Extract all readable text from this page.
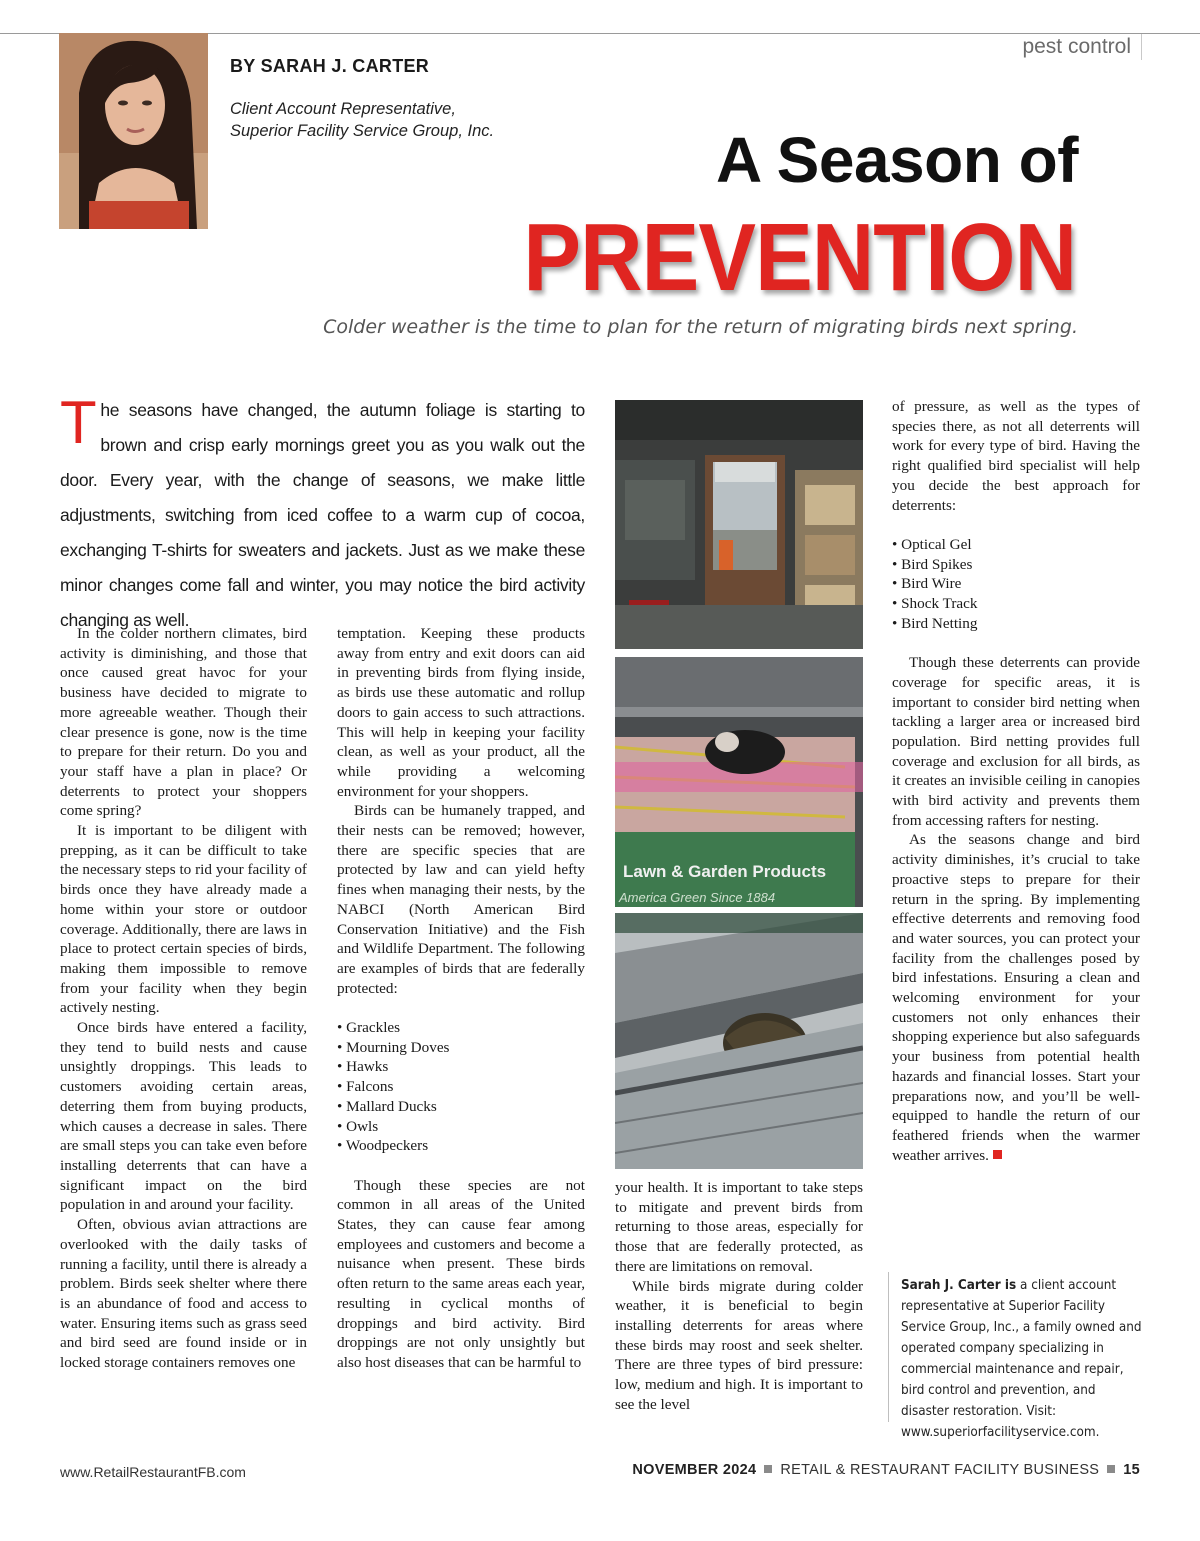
pest control
BY SARAH J. CARTER
Client Account Representative,
Superior Facility Service Group, Inc.	A Season of
PREVENTION
Colder weather is the time to plan for the return of migrating birds next spring.
The seasons have changed, the autumn foliage is starting to brown and crisp early mornings greet you as you walk out the door. Every year, with the change of seasons, we make little adjustments, switching from iced coffee to a warm cup of cocoa, exchanging T-shirts for sweaters and jackets. Just as we make these minor changes come fall and winter, you may notice the bird activity changing as well.

In the colder northern climates, bird activity is diminishing, and those that once caused great havoc for your business have decided to migrate to more agreeable weather. Though their clear presence is gone, now is the time to prepare for their return. Do you and your staff have a plan in place? Or deterrents to protect your shoppers come spring?

It is important to be diligent with prepping, as it can be difficult to take the necessary steps to rid your facility of birds once they have already made a home within your store or outdoor coverage. Additionally, there are laws in place to protect certain species of birds, making them impossible to remove from your facility when they begin actively nesting.

Once birds have entered a facility, they tend to build nests and cause unsightly droppings. This leads to customers avoiding certain areas, deterring them from buying products, which causes a decrease in sales. There are small steps you can take even before installing deterrents that can have a significant impact on the bird population in and around your facility.

Often, obvious avian attractions are overlooked with the daily tasks of running a facility, until there is already a problem. Birds seek shelter where there is an abundance of food and access to water. Ensuring items such as grass seed and bird seed are found inside or in locked storage containers removes one

temptation. Keeping these products away from entry and exit doors can aid in preventing birds from flying inside, as birds use these automatic and rollup doors to gain access to such attractions. This will help in keeping your facility clean, as well as your product, all the while providing a welcoming environment for your shoppers.

Birds can be humanely trapped, and their nests can be removed; however, there are specific species that are protected by law and can yield hefty fines when managing their nests, by the NABCI (North American Bird Conservation Initiative) and the Fish and Wildlife Department. The following are examples of birds that are federally protected:

• Grackles
• Mourning Doves
• Hawks
• Falcons
• Mallard Ducks
• Owls
• Woodpeckers

Though these species are not common in all areas of the United States, they can cause fear among employees and customers and become a nuisance when present. These birds often return to the same areas each year, resulting in cyclical months of droppings and bird activity. Bird droppings are not only unsightly but also host diseases that can be harmful to

Lawn & Garden Products
America Green Since 1884

your health. It is important to take steps to mitigate and prevent birds from returning to those areas, especially for those that are federally protected, as there are limitations on removal.

While birds migrate during colder weather, it is beneficial to begin installing deterrents for areas where these birds may roost and seek shelter. There are three types of bird pressure: low, medium and high. It is important to see the level

of pressure, as well as the types of species there, as not all deterrents will work for every type of bird. Having the right qualified bird specialist will help you decide the best approach for deterrents:

• Optical Gel
• Bird Spikes
• Bird Wire
• Shock Track
• Bird Netting

Though these deterrents can provide coverage for specific areas, it is important to consider bird netting when tackling a larger area or increased bird population. Bird netting provides full coverage and exclusion for all birds, as it creates an invisible ceiling in canopies with bird activity and prevents them from accessing rafters for nesting.

As the seasons change and bird activity diminishes, it’s crucial to take proactive steps to prepare for their return in the spring. By implementing effective deterrents and removing food and water sources, you can protect your facility from the challenges posed by bird infestations. Ensuring a clean and welcoming environment for your customers not only enhances their shopping experience but also safeguards your business from potential health hazards and financial losses. Start your preparations now, and you’ll be well-equipped to handle the return of our feathered friends when the warmer weather arrives.

Sarah J. Carter is a client account representative at Superior Facility Service Group, Inc., a family owned and operated company specializing in commercial maintenance and repair, bird control and prevention, and disaster restoration. Visit: www.superiorfacilityservice.com.
www.RetailRestaurantFB.com	NOVEMBER 2024 RETAIL & RESTAURANT FACILITY BUSINESS 15
